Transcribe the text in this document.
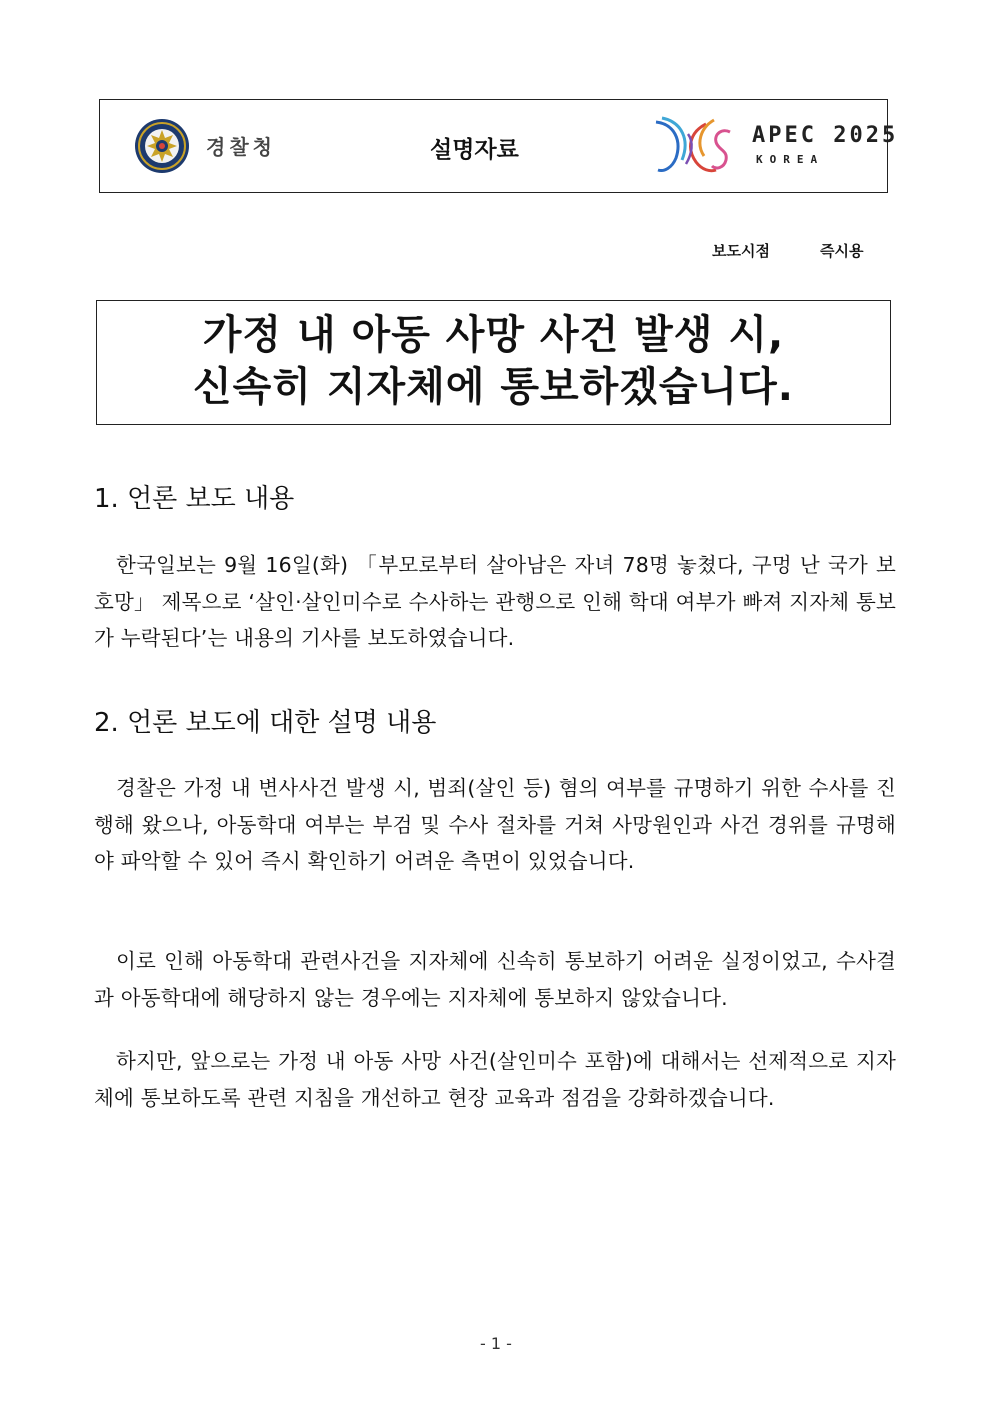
경찰청	설명자료
APEC 2025
KOREA
보도시점	즉시용
가정 내 아동 사망 사건 발생 시,
신속히 지자체에 통보하겠습니다.
1. 언론 보도 내용
한국일보는 9월 16일(화) 「부모로부터 살아남은 자녀 78명 놓쳤다, 구멍 난 국가 보호망」 제목으로 ‘살인·살인미수로 수사하는 관행으로 인해 학대 여부가 빠져 지자체 통보가 누락된다’는 내용의 기사를 보도하였습니다.
2. 언론 보도에 대한 설명 내용
경찰은 가정 내 변사사건 발생 시, 범죄(살인 등) 혐의 여부를 규명하기 위한 수사를 진행해 왔으나, 아동학대 여부는 부검 및 수사 절차를 거쳐 사망원인과 사건 경위를 규명해야 파악할 수 있어 즉시 확인하기 어려운 측면이 있었습니다.
이로 인해 아동학대 관련사건을 지자체에 신속히 통보하기 어려운 실정이었고, 수사결과 아동학대에 해당하지 않는 경우에는 지자체에 통보하지 않았습니다.
하지만, 앞으로는 가정 내 아동 사망 사건(살인미수 포함)에 대해서는 선제적으로 지자체에 통보하도록 관련 지침을 개선하고 현장 교육과 점검을 강화하겠습니다.
- 1 -
